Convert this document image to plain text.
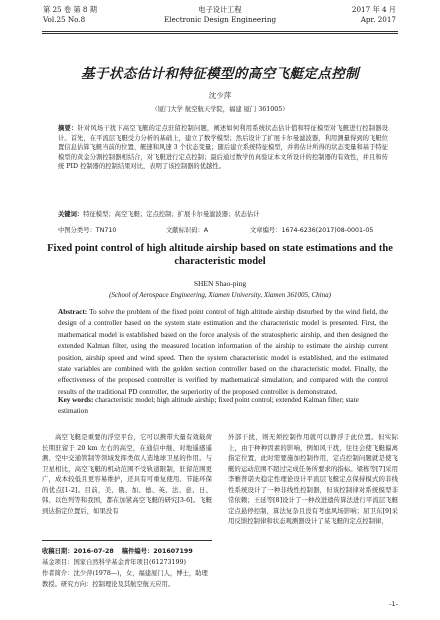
第 25 卷 第 8 期
Vol.25 No.8
电子设计工程
Electronic Design Engineering
2017 年 4 月
Apr. 2017
基于状态估计和特征模型的高空飞艇定点控制
沈少萍
（厦门大学 航空航天学院，福建 厦门 361005）
摘要：针对风场干扰下高空飞艇的定点驻留控制问题，阐述如何利用系统状态估计值和特征模型对飞艇进行控制器设计。首先，在平流层飞艇受力分析的基础上，建立了数学模型；然后设计了扩展卡尔曼滤波器，利用测量得到的飞艇位置信息估算飞艇当前的位置、艇速和风速 3 个状态变量；随后建立系统特征模型，并将估计所得的状态变量和基于特征模型的黄金分割控制器相结合，对飞艇进行定点控制；最后通过数学仿真验证本文所设计的控制器的有效性，并且和传统 PID 控制器的控制结果对比，表明了该控制器的优越性。
关键词：特征模型；高空飞艇；定点控制；扩展卡尔曼滤波器；状态估计
中图分类号：TN710	文献标识码：A	文章编号：1674-6236(2017)08-0001-05
Fixed point control of high altitude airship based on state estimations and the characteristic model
SHEN Shao-ping
(School of Aerospace Engineering, Xiamen University, Xiamen 361005, China)
Abstract: To solve the problem of the fixed point control of high altitude airship disturbed by the wind field, the design of a controller based on the system state estimation and the characteristic model is presented. First, the mathematical model is established based on the force analysis of the stratospheric airship, and then designed the extended Kalman filter, using the measured location information of the airship to estimate the airship current position, airship speed and wind speed. Then the system characteristic model is established, and the estimated state variables are combined with the golden section controller based on the characteristic model. Finally, the effectiveness of the proposed controller is verified by mathematical simulation, and compared with the control results of the traditional PD controller, the superiority of the proposed controller is demonstrated.
Key words: characteristic model; high altitude airship; fixed point control; extended Kalman filter; state estimation
高空飞艇是重要的浮空平台，它可以携带大量有效载荷长期驻留于 20 km 左右的高空，在通信中继、对地遥感遥测、空中交通管制等领域发挥类似人造地球卫星的作用。与卫星相比，高空飞艇的机动范围不受轨道限制，驻留范围更广，成本较低且更容易维护，还具有可重复使用、节能环保的优点[1-2]。目前，美、俄、加、德、英、法、意、日、韩、以色列等和我国，都在加紧高空飞艇的研究[3-6]。飞艇到达指定位置后，如果没有
外部干扰，则无须控制作用就可以静浮于此位置。但实际上，由于种种因素的影响，例如风干扰，往往会使飞艇偏离指定位置，此时需要施加控制作用，定点控制问题就是使飞艇的运动范围不超过完成任务所要求的指标。梁栋等[7]采用李雅普诺夫稳定性理论设计平流层飞艇定点保持模式的非线性系统设计了一种非线性控制器，但该控制律对系统模型非常依赖；王延等[8]设计了一种改进遗传算法进行平流层飞艇定点悬停控制，算法复杂且没有考虑风场影响；屈卫东[9]采用反馈控制律和状态观测器设计了某飞艇的定点控制律，
收稿日期：2016-07-28 稿件编号：201607199
基金项目：国家自然科学基金青年项目(61273199)
作者简介：沈少萍(1978—)，女，福建厦门人，博士，助理教授。研究方向：控制理论及其航空航天应用。
-1-
